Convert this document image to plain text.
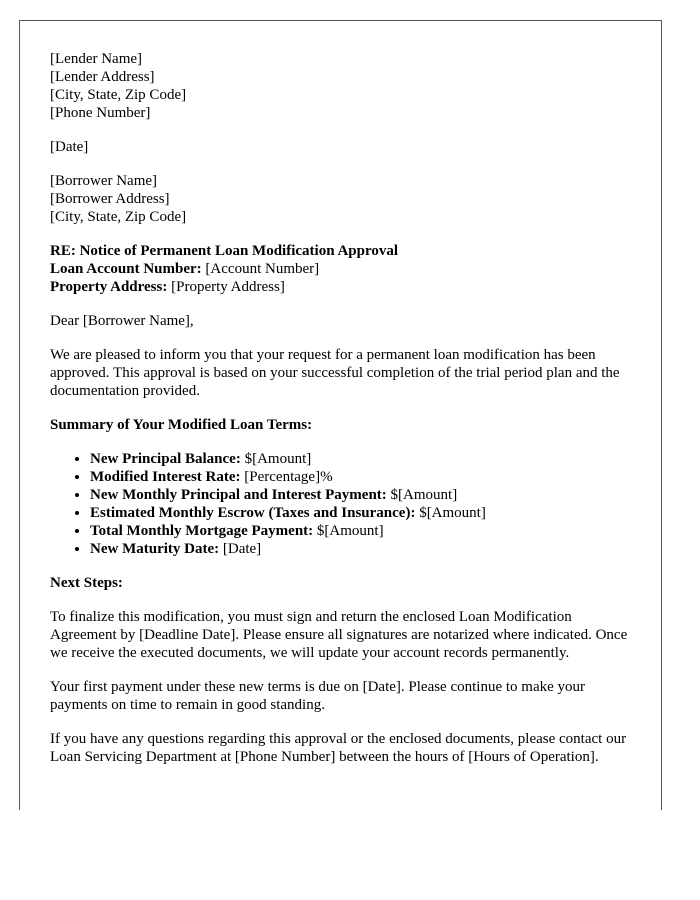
[Lender Name]
[Lender Address]
[City, State, Zip Code]
[Phone Number]
[Date]
[Borrower Name]
[Borrower Address]
[City, State, Zip Code]
RE: Notice of Permanent Loan Modification Approval
Loan Account Number: [Account Number]
Property Address: [Property Address]

Dear [Borrower Name],

We are pleased to inform you that your request for a permanent loan modification has been approved. This approval is based on your successful completion of the trial period plan and the documentation provided.

Summary of Your Modified Loan Terms:

• New Principal Balance: $[Amount]
• Modified Interest Rate: [Percentage]%
• New Monthly Principal and Interest Payment: $[Amount]
• Estimated Monthly Escrow (Taxes and Insurance): $[Amount]
• Total Monthly Mortgage Payment: $[Amount]
• New Maturity Date: [Date]

Next Steps:

To finalize this modification, you must sign and return the enclosed Loan Modification Agreement by [Deadline Date]. Please ensure all signatures are notarized where indicated. Once we receive the executed documents, we will update your account records permanently.

Your first payment under these new terms is due on [Date]. Please continue to make your payments on time to remain in good standing.

If you have any questions regarding this approval or the enclosed documents, please contact our Loan Servicing Department at [Phone Number] between the hours of [Hours of Operation].
